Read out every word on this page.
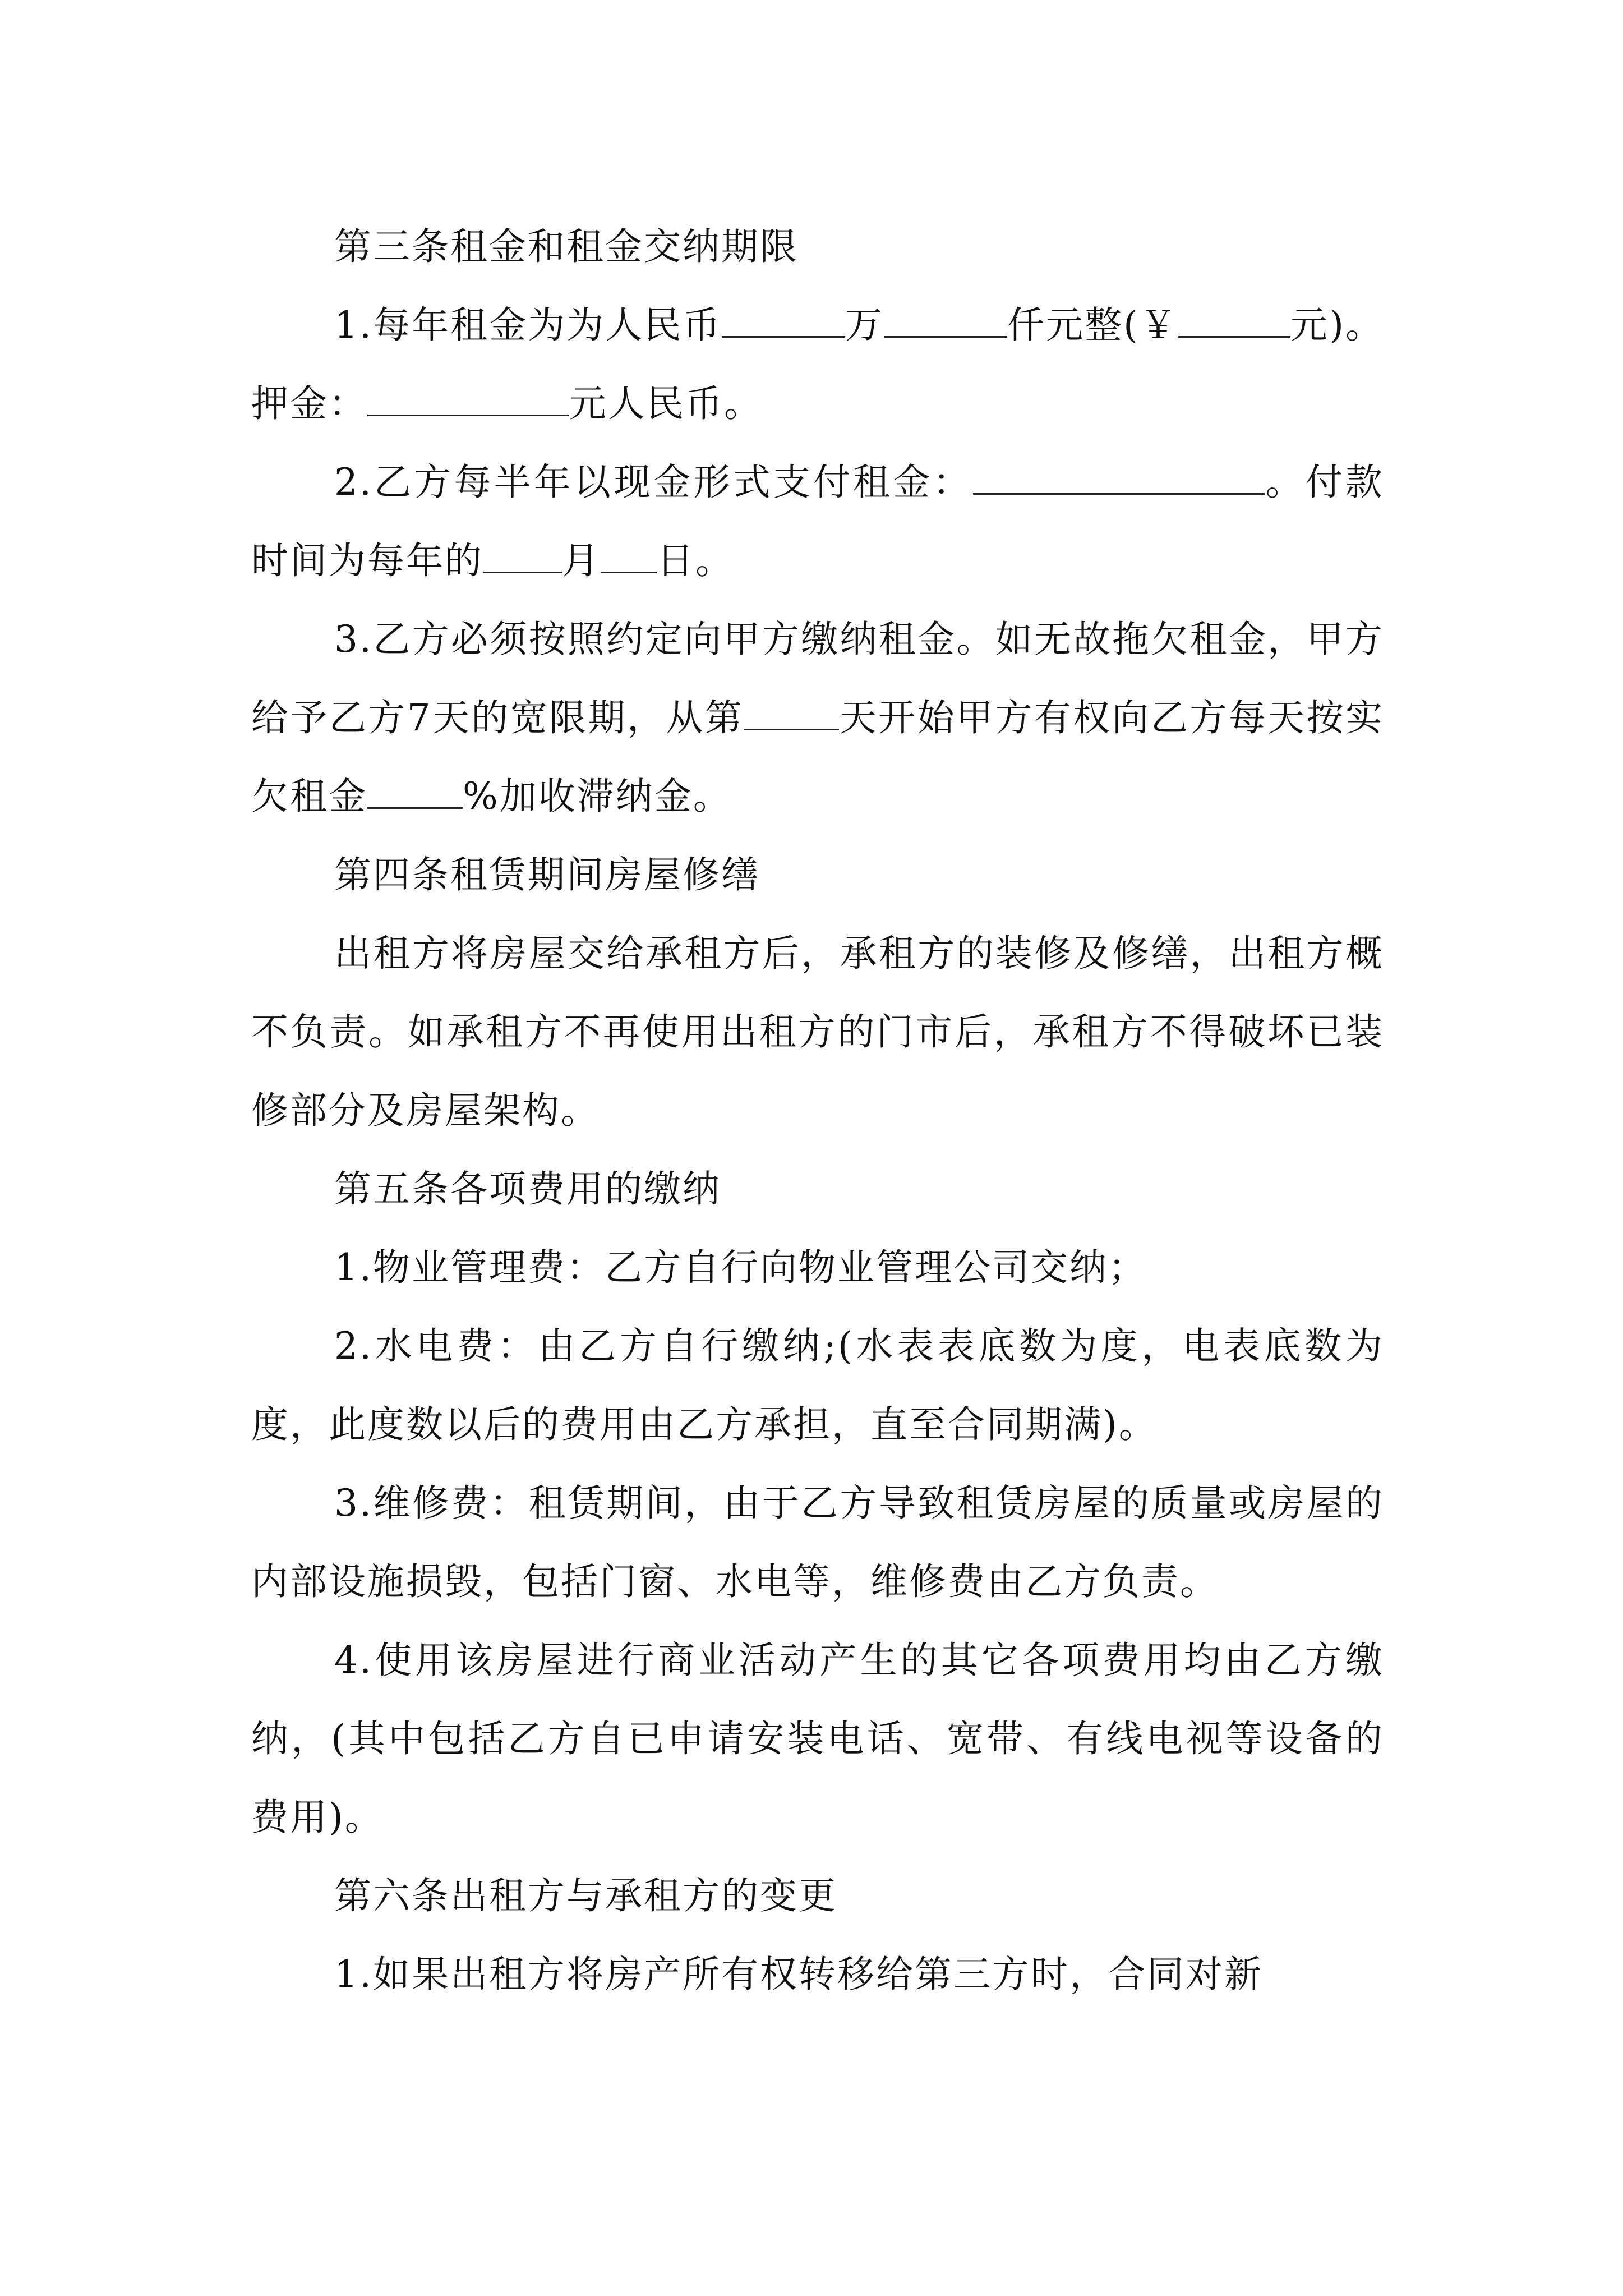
第三条租金和租金交纳期限

1.每年租金为为人民币	万	仟元整(￥	元)。押金：	元人民币。

2.乙方每半年以现金形式支付租金：	。付款时间为每年的 月 日。

3.乙方必须按照约定向甲方缴纳租金。如无故拖欠租金，甲方给予乙方7天的宽限期，从第	天开始甲方有权向乙方每天按实欠租金	%加收滞纳金。

第四条租赁期间房屋修缮

出租方将房屋交给承租方后，承租方的装修及修缮，出租方概不负责。如承租方不再使用出租方的门市后，承租方不得破坏已装修部分及房屋架构。

第五条各项费用的缴纳

1.物业管理费：乙方自行向物业管理公司交纳；

2.水电费：由乙方自行缴纳;(水表表底数为度，电表底数为度，此度数以后的费用由乙方承担，直至合同期满)。

3.维修费：租赁期间，由于乙方导致租赁房屋的质量或房屋的内部设施损毁，包括门窗、水电等，维修费由乙方负责。

4.使用该房屋进行商业活动产生的其它各项费用均由乙方缴纳，(其中包括乙方自已申请安装电话、宽带、有线电视等设备的费用)。

第六条出租方与承租方的变更

1.如果出租方将房产所有权转移给第三方时，合同对新
